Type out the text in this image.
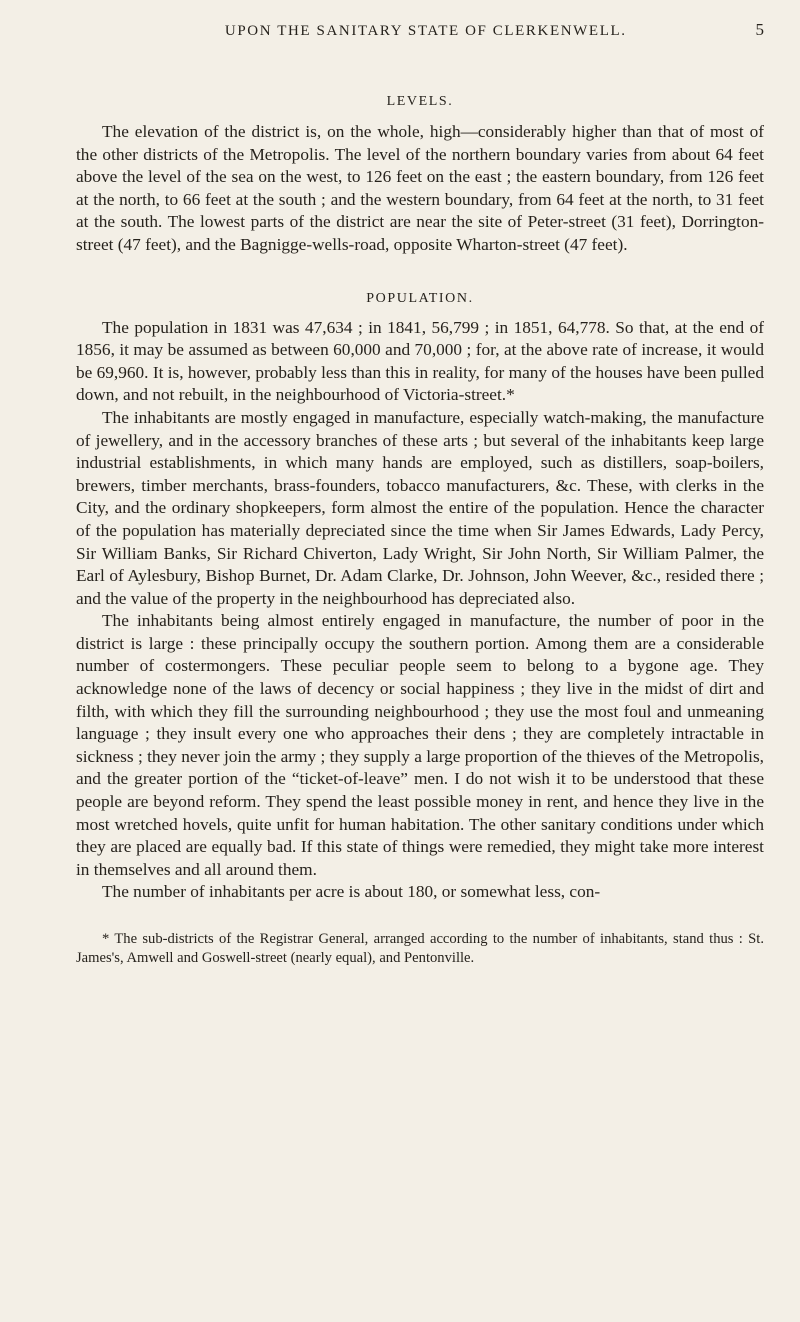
UPON THE SANITARY STATE OF CLERKENWELL.	5
LEVELS.

The elevation of the district is, on the whole, high—considerably higher than that of most of the other districts of the Metropolis. The level of the northern boundary varies from about 64 feet above the level of the sea on the west, to 126 feet on the east ; the eastern boundary, from 126 feet at the north, to 66 feet at the south ; and the western boundary, from 64 feet at the north, to 31 feet at the south. The lowest parts of the district are near the site of Peter-street (31 feet), Dorrington-street (47 feet), and the Bagnigge-wells-road, opposite Wharton-street (47 feet).

POPULATION.

The population in 1831 was 47,634 ; in 1841, 56,799 ; in 1851, 64,778. So that, at the end of 1856, it may be assumed as between 60,000 and 70,000 ; for, at the above rate of increase, it would be 69,960. It is, however, probably less than this in reality, for many of the houses have been pulled down, and not rebuilt, in the neighbourhood of Victoria-street.*

The inhabitants are mostly engaged in manufacture, especially watch-making, the manufacture of jewellery, and in the accessory branches of these arts ; but several of the inhabitants keep large industrial establishments, in which many hands are employed, such as distillers, soap-boilers, brewers, timber merchants, brass-founders, tobacco manufacturers, &c. These, with clerks in the City, and the ordinary shopkeepers, form almost the entire of the population. Hence the character of the population has materially depreciated since the time when Sir James Edwards, Lady Percy, Sir William Banks, Sir Richard Chiverton, Lady Wright, Sir John North, Sir William Palmer, the Earl of Aylesbury, Bishop Burnet, Dr. Adam Clarke, Dr. Johnson, John Weever, &c., resided there ; and the value of the property in the neighbourhood has depreciated also.

The inhabitants being almost entirely engaged in manufacture, the number of poor in the district is large : these principally occupy the southern portion. Among them are a considerable number of costermongers. These peculiar people seem to belong to a bygone age. They acknowledge none of the laws of decency or social happiness ; they live in the midst of dirt and filth, with which they fill the surrounding neighbourhood ; they use the most foul and unmeaning language ; they insult every one who approaches their dens ; they are completely intractable in sickness ; they never join the army ; they supply a large proportion of the thieves of the Metropolis, and the greater portion of the “ticket-of-leave” men. I do not wish it to be understood that these people are beyond reform. They spend the least possible money in rent, and hence they live in the most wretched hovels, quite unfit for human habitation. The other sanitary conditions under which they are placed are equally bad. If this state of things were remedied, they might take more interest in themselves and all around them.

The number of inhabitants per acre is about 180, or somewhat less, con-

* The sub-districts of the Registrar General, arranged according to the number of inhabitants, stand thus : St. James's, Amwell and Goswell-street (nearly equal), and Pentonville.
